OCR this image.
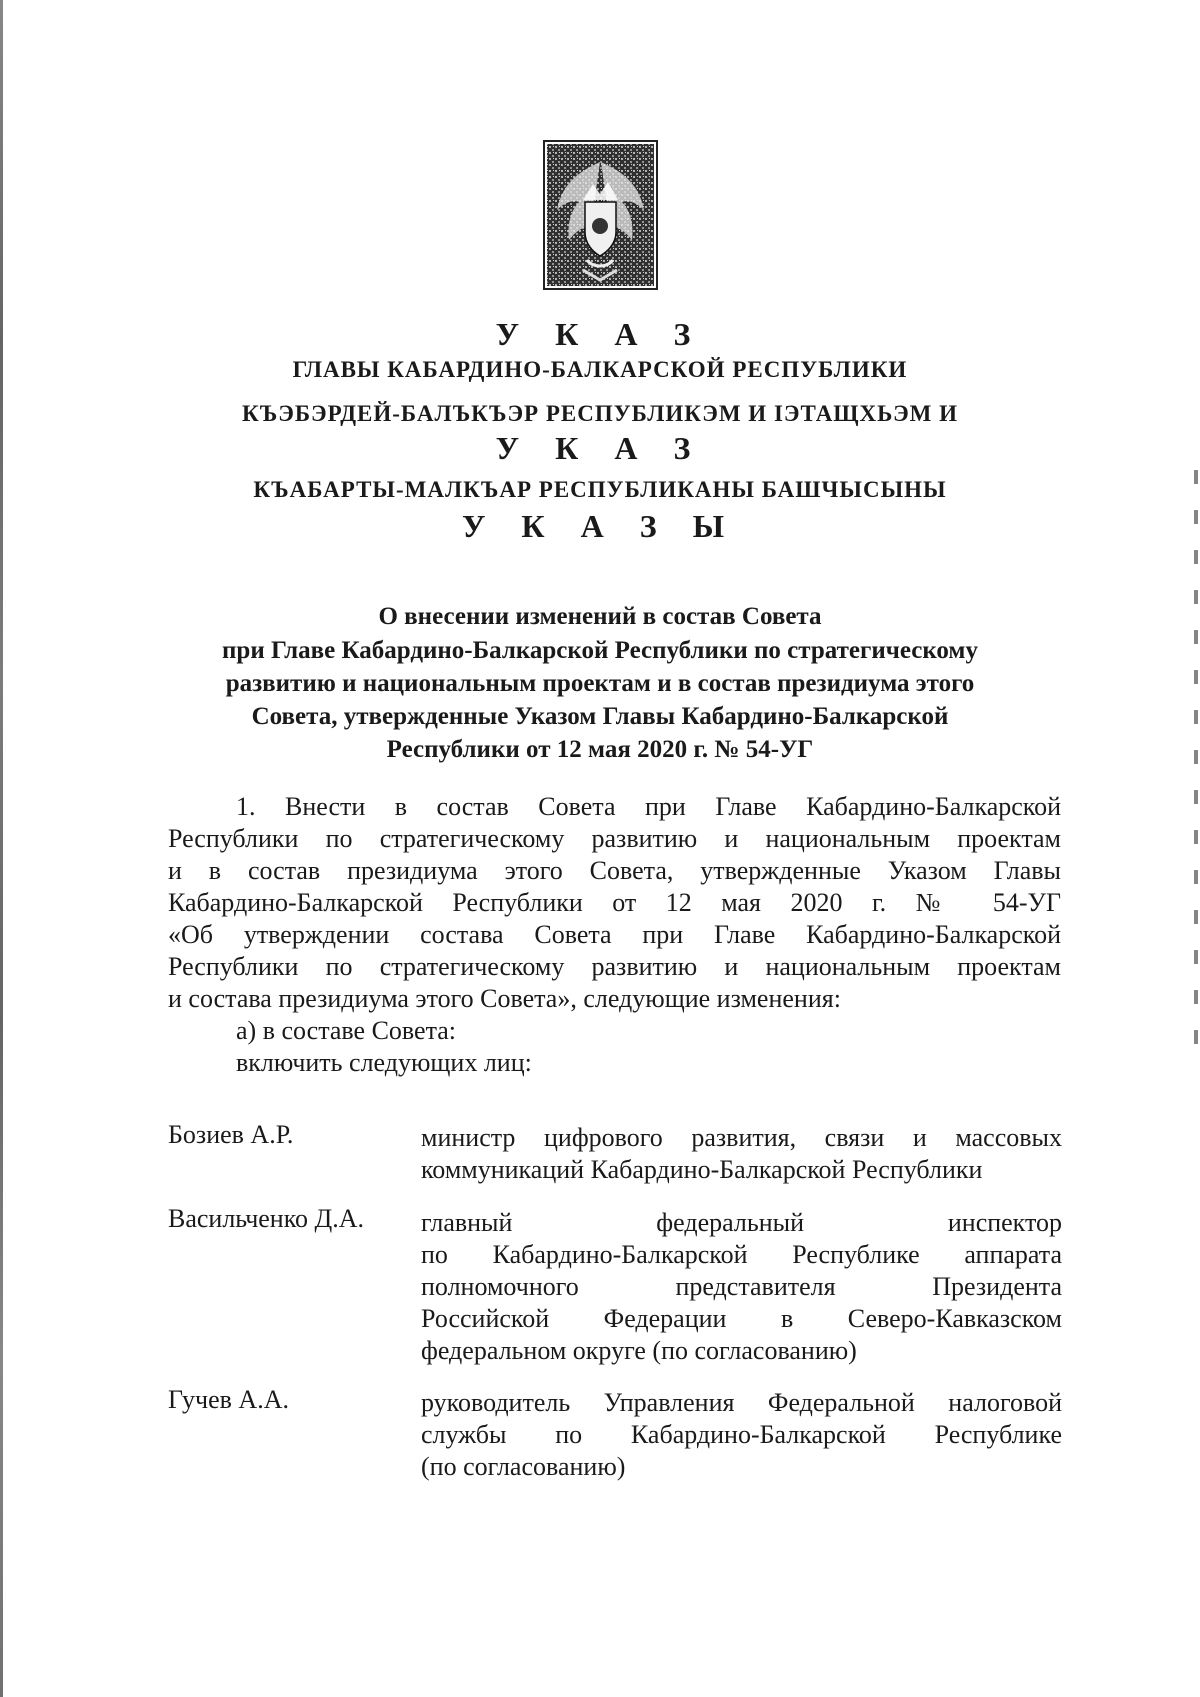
У К А З
ГЛАВЫ КАБАРДИНО-БАЛКАРСКОЙ РЕСПУБЛИКИ
КЪЭБЭРДЕЙ-БАЛЪКЪЭР РЕСПУБЛИКЭМ И IЭТАЩХЬЭМ И
У К А З
КЪАБАРТЫ-МАЛКЪАР РЕСПУБЛИКАНЫ БАШЧЫСЫНЫ
У К А З Ы
О внесении изменений в состав Совета
при Главе Кабардино-Балкарской Республики по стратегическому
развитию и национальным проектам и в состав президиума этого
Совета, утвержденные Указом Главы Кабардино-Балкарской
Республики от 12 мая 2020 г. № 54-УГ
1. Внести в состав Совета при Главе Кабардино-Балкарской
Республики по стратегическому развитию и национальным проектам
и в состав президиума этого Совета, утвержденные Указом Главы
Кабардино-Балкарской Республики от 12 мая 2020 г. № 54-УГ
«Об утверждении состава Совета при Главе Кабардино-Балкарской
Республики по стратегическому развитию и национальным проектам
и состава президиума этого Совета», следующие изменения:
а) в составе Совета:
включить следующих лиц:
Бозиев А.Р.	министр цифрового развития, связи и массовых
коммуникаций Кабардино-Балкарской Республики
Васильченко Д.А. главный федеральный инспектор
по Кабардино-Балкарской Республике аппарата
полномочного представителя Президента
Российской Федерации в Северо-Кавказском
федеральном округе (по согласованию)
Гучев А.А.	руководитель Управления Федеральной налоговой
службы по Кабардино-Балкарской Республике
(по согласованию)
